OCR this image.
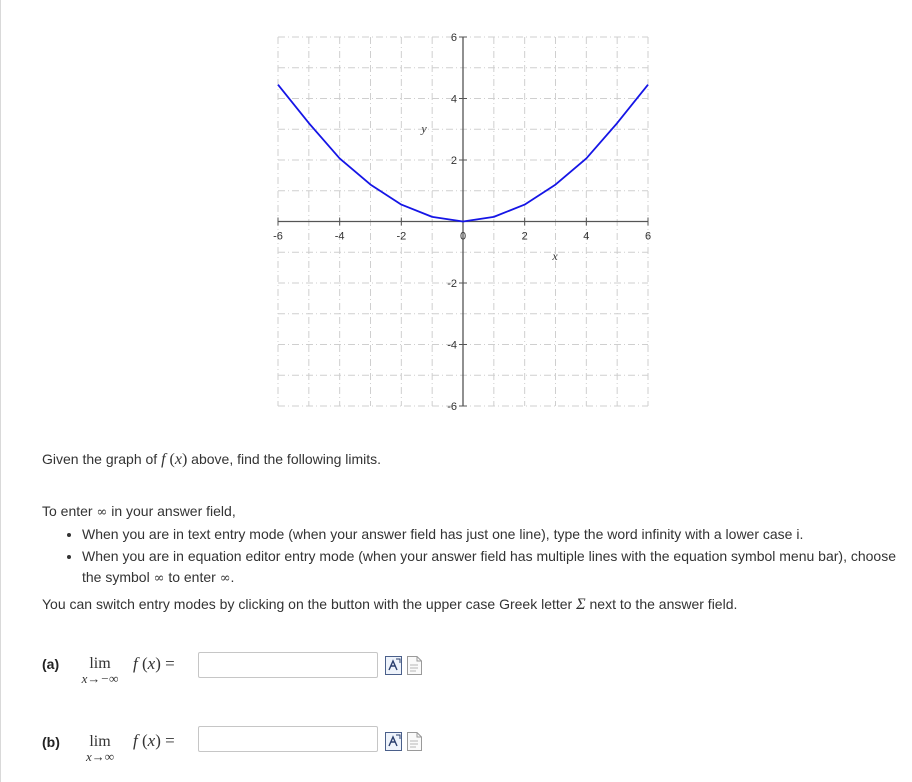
-6	-4	-2	0	2	4	6
6
4
2
-2
-4
-6
x
y
Given the graph of f (x) above, find the following limits.
To enter ∞ in your answer field,
• When you are in text entry mode (when your answer field has just one line), type the word infinity with a lower case i.
• When you are in equation editor entry mode (when your answer field has multiple lines with the equation symbol menu bar), choose the symbol ∞ to enter ∞.
You can switch entry modes by clicking on the button with the upper case Greek letter Σ next to the answer field.
(a)	lim
x→−∞
f (x) =
(b)	lim
x→∞
f (x) =
